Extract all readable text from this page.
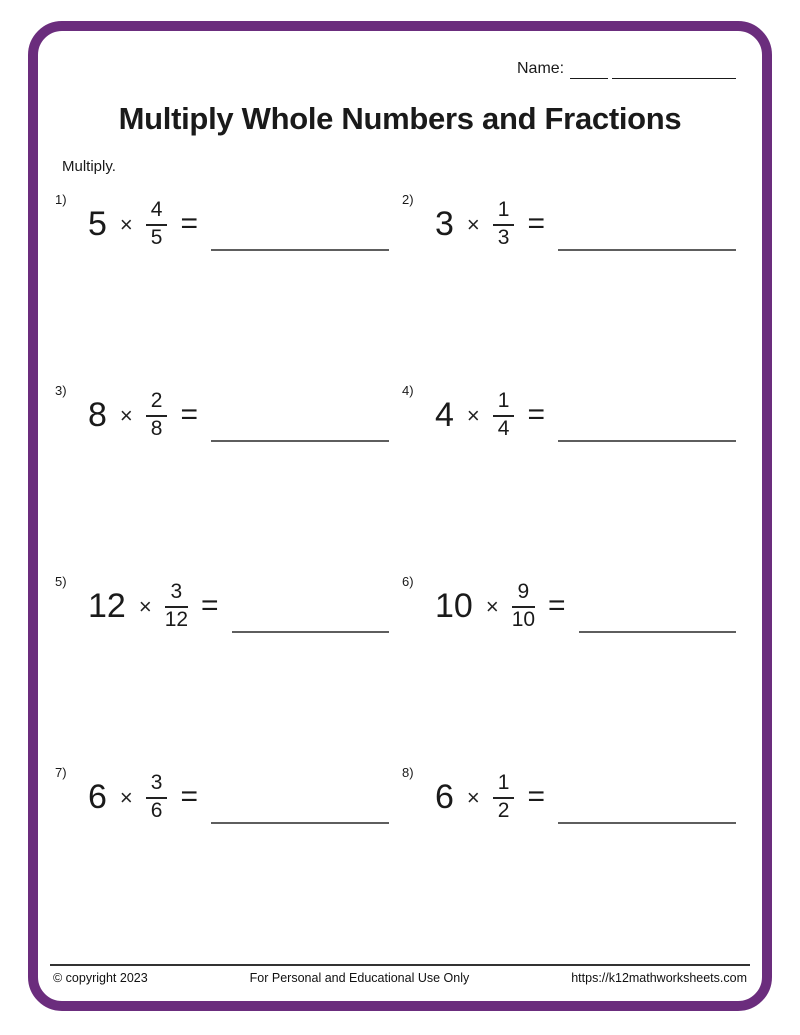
Name:
Multiply Whole Numbers and Fractions
Multiply.
1)
$5 \times \frac{4}{5}$ =
2)
$3 \times \frac{1}{3}$ =
3)
$8 \times \frac{2}{8}$ =
4)
$4 \times \frac{1}{4}$ =
5)
$12 \times \frac{3}{12}$ =
6)
$10 \times \frac{9}{10}$ =
7)
$6 \times \frac{3}{6}$ =
8)
$6 \times \frac{1}{2}$ =
© copyright 2023	For Personal and Educational Use Only	https://k12mathworksheets.com
